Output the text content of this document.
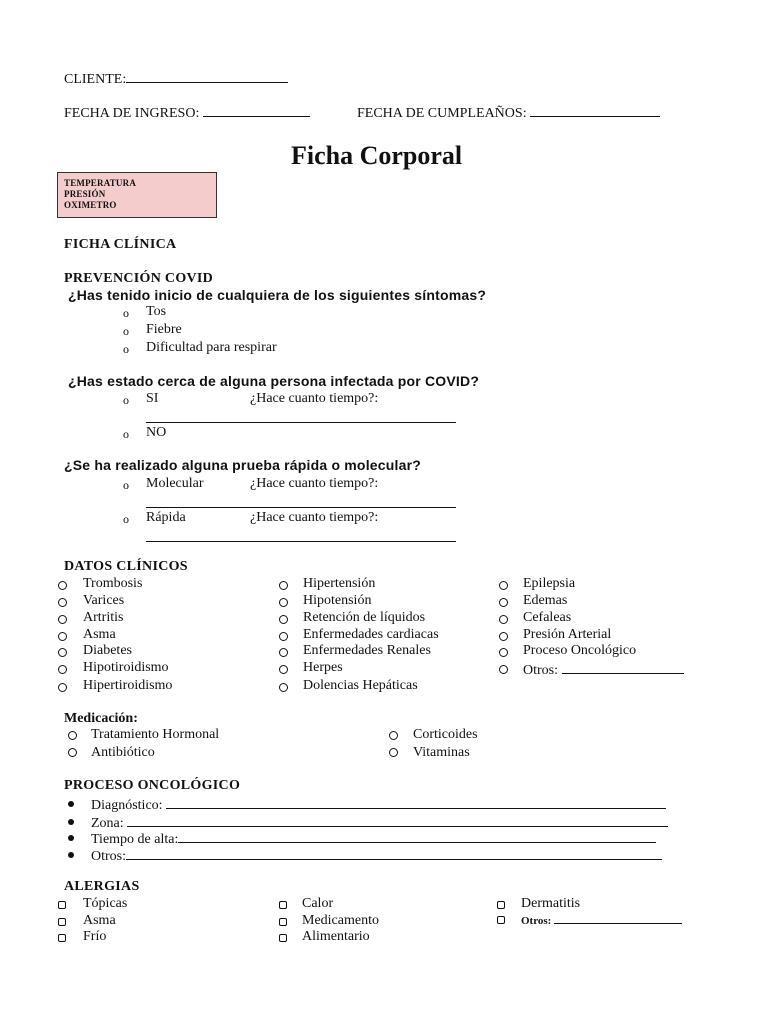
CLIENTE:
FECHA DE INGRESO:	FECHA DE CUMPLEAÑOS:
Ficha Corporal
TEMPERATURA
PRESIÓN
OXIMETRO
FICHA CLÍNICA
PREVENCIÓN COVID
¿Has tenido inicio de cualquiera de los siguientes síntomas?
o Tos
o Fiebre
o Dificultad para respirar
¿Has estado cerca de alguna persona infectada por COVID?
o SI	¿Hace cuanto tiempo?:
o NO
¿Se ha realizado alguna prueba rápida o molecular?
o Molecular	¿Hace cuanto tiempo?:
o Rápida	¿Hace cuanto tiempo?:
DATOS CLÍNICOS
Trombosis
Varices
Artritis
Asma
Diabetes
Hipotiroidismo
Hipertiroidismo
Hipertensión
Hipotensión
Retención de líquidos
Enfermedades cardiacas
Enfermedades Renales
Herpes
Dolencias Hepáticas
Epilepsia
Edemas
Cefaleas
Presión Arterial
Proceso Oncológico
Otros:
Medicación:
Tratamiento Hormonal
Antibiótico
Corticoides
Vitaminas
PROCESO ONCOLÓGICO
Diagnóstico:
Zona:
Tiempo de alta:
Otros:
ALERGIAS
Tópicas
Asma
Frío
Calor
Medicamento
Alimentario
Dermatitis
Otros:
